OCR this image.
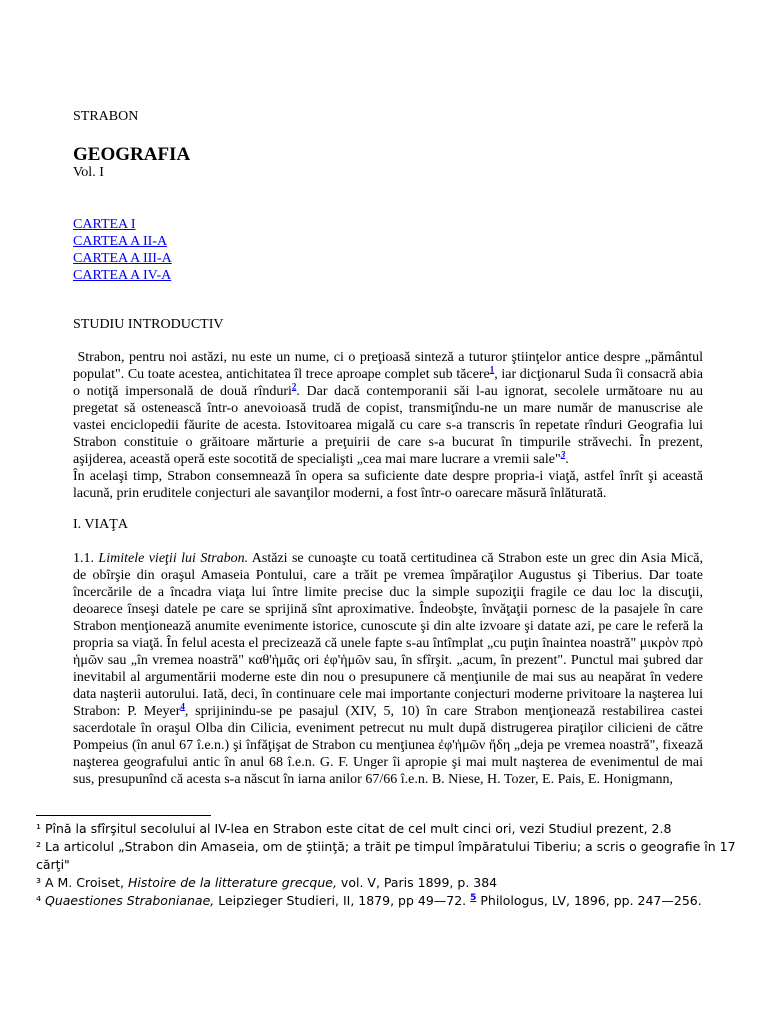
STRABON
GEOGRAFIA
Vol. I
CARTEA I
CARTEA A II-A
CARTEA A III-A
CARTEA A IV-A
STUDIU INTRODUCTIV

Strabon, pentru noi astăzi, nu este un nume, ci o preţioasă sinteză a tuturor ştiinţelor antice despre „pământul populat". Cu toate acestea, antichitatea îl trece aproape complet sub tăcere$^1$, iar dicţionarul Suda îi consacră abia o notiţă impersonală de două rînduri$^2$. Dar dacă contemporanii săi l-au ignorat, secolele următoare nu au pregetat să ostenească într-o anevoioasă trudă de copist, transmiţîndu-ne un mare număr de manuscrise ale vastei enciclopedii făurite de acesta. Istovitoarea migală cu care s-a transcris în repetate rînduri Geografia lui Strabon constituie o grăitoare mărturie a preţuirii de care s-a bucurat în timpurile străvechi. În prezent, aşijderea, această operă este socotită de specialişti „cea mai mare lucrare a vremii sale"$^3$.

În acelaşi timp, Strabon consemnează în opera sa suficiente date despre propria-i viaţă, astfel înrît şi această lacună, prin eruditele conjecturi ale savanţilor moderni, a fost într-o oarecare măsură înlăturată.

I. VIAŢA

1.1. Limitele vieţii lui Strabon. Astăzi se cunoaşte cu toată certitudinea că Strabon este un grec din Asia Mică, de obîrşie din oraşul Amaseia Pontului, care a trăit pe vremea împăraţilor Augustus şi Tiberius. Dar toate încercările de a încadra viaţa lui între limite precise duc la simple supoziţii fragile ce dau loc la discuţii, deoarece înseşi datele pe care se sprijină sînt aproximative. Îndeobşte, învăţaţii pornesc de la pasajele în care Strabon menţionează anumite evenimente istorice, cunoscute şi din alte izvoare şi datate azi, pe care le referă la propria sa viaţă. În felul acesta el precizează că unele fapte s-au întîmplat „cu puţin înaintea noastră" μικρὸν πρὸ ἡμῶν sau „în vremea noastră" καθ'ἡμᾶς ori ἐφ'ἡμῶν sau, în sfîrşit. „acum, în prezent". Punctul mai şubred dar inevitabil al argumentării moderne este din nou o presupunere că menţiunile de mai sus au neapărat în vedere data naşterii autorului. Iată, deci, în continuare cele mai importante conjecturi moderne privitoare la naşterea lui Strabon: P. Meyer$^4$, sprijinindu-se pe pasajul (XIV, 5, 10) în care Strabon menţionează restabilirea castei sacerdotale în oraşul Olba din Cilicia, eveniment petrecut nu mult după distrugerea piraţilor cilicieni de către Pompeius (în anul 67 î.e.n.) şi înfăţişat de Strabon cu menţiunea ἐφ'ἡμῶν ἤδη „deja pe vremea noastră", fixează naşterea geografului antic în anul 68 î.e.n. G. F. Unger îi apropie şi mai mult naşterea de evenimentul de mai sus, presupunînd că acesta s-a născut în iarna anilor 67/66 î.e.n. B. Niese, H. Tozer, E. Pais, E. Honigmann,

¹ Pînă la sfîrşitul secolului al IV-lea en Strabon este citat de cel mult cinci ori, vezi Studiul prezent, 2.8

² La articolul „Strabon din Amaseia, om de ştiinţă; a trăit pe timpul împăratului Tiberiu; a scris o geografie în 17 cărţi"

³ A M. Croiset, Histoire de la litterature grecque, vol. V, Paris 1899, p. 384

⁴ Quaestiones Strabonianae, Leipzieger Studieri, II, 1879, pp 49—72. $^5$ Philologus, LV, 1896, pp. 247—256.
